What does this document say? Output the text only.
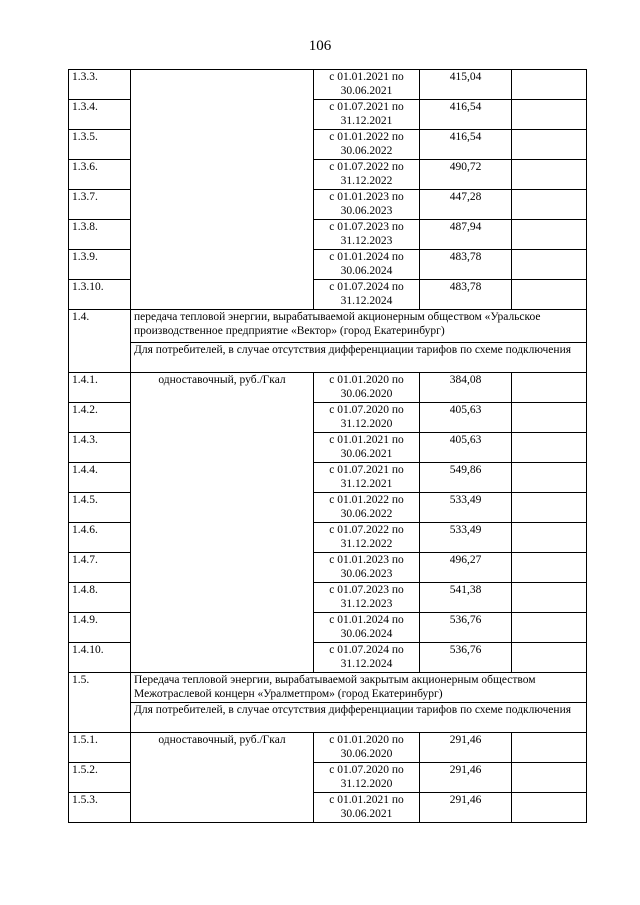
106
1.3.3.		с 01.01.2021 по
30.06.2021	415,04	
1.3.4.		с 01.07.2021 по
31.12.2021	416,54	
1.3.5.		с 01.01.2022 по
30.06.2022	416,54	
1.3.6.		с 01.07.2022 по
31.12.2022	490,72	
1.3.7.		с 01.01.2023 по
30.06.2023	447,28	
1.3.8.		с 01.07.2023 по
31.12.2023	487,94	
1.3.9.		с 01.01.2024 по
30.06.2024	483,78	
1.3.10.		с 01.07.2024 по
31.12.2024	483,78	
1.4.	передача тепловой энергии, вырабатываемой акционерным обществом «Уральское производственное предприятие «Вектор» (город Екатеринбург)			
	Для потребителей, в случае отсутствия дифференциации тарифов по схеме подключения			
1.4.1.	одноставочный, руб./Гкал	с 01.01.2020 по
30.06.2020	384,08	
1.4.2.		с 01.07.2020 по
31.12.2020	405,63	
1.4.3.		с 01.01.2021 по
30.06.2021	405,63	
1.4.4.		с 01.07.2021 по
31.12.2021	549,86	
1.4.5.		с 01.01.2022 по
30.06.2022	533,49	
1.4.6.		с 01.07.2022 по
31.12.2022	533,49	
1.4.7.		с 01.01.2023 по
30.06.2023	496,27	
1.4.8.		с 01.07.2023 по
31.12.2023	541,38	
1.4.9.		с 01.01.2024 по
30.06.2024	536,76	
1.4.10.		с 01.07.2024 по
31.12.2024	536,76	
1.5.	Передача тепловой энергии, вырабатываемой закрытым акционерным обществом Межотраслевой концерн «Уралметпром» (город Екатеринбург)			
	Для потребителей, в случае отсутствия дифференциации тарифов по схеме подключения			
1.5.1.	одноставочный, руб./Гкал	с 01.01.2020 по
30.06.2020	291,46	
1.5.2.		с 01.07.2020 по
31.12.2020	291,46	
1.5.3.		с 01.01.2021 по
30.06.2021	291,46	
